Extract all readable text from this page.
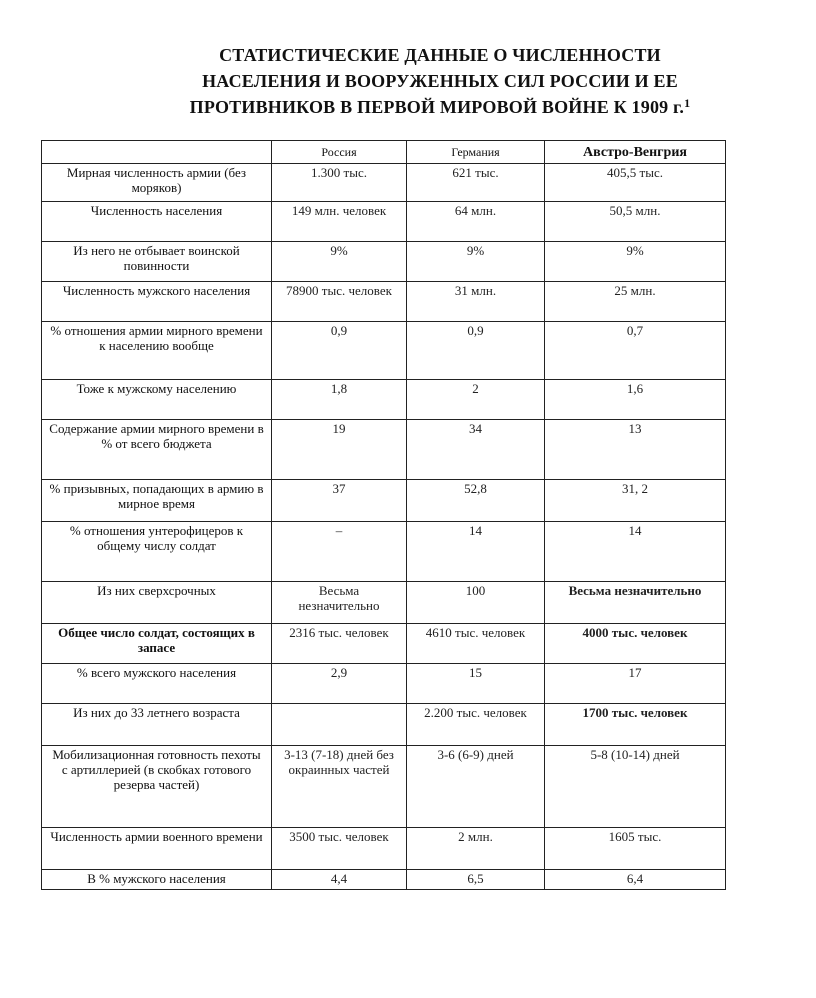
СТАТИСТИЧЕСКИЕ ДАННЫЕ О ЧИСЛЕННОСТИ
НАСЕЛЕНИЯ И ВООРУЖЕННЫХ СИЛ РОССИИ И ЕЕ
ПРОТИВНИКОВ В ПЕРВОЙ МИРОВОЙ ВОЙНЕ К 1909 г.$^1$
	Россия	Германия	Австро-Венгрия
Мирная численность армии (без моряков)	1.300 тыс.	621 тыс.	405,5 тыс.
Численность населения	149 млн. человек	64 млн.	50,5 млн.
Из него не отбывает воинской повинности	9%	9%	9%
Численность мужского населения	78900 тыс. человек	31 млн.	25 млн.
% отношения армии мирного времени к населению вообще	0,9	0,9	0,7
Тоже к мужскому населению	1,8	2	1,6
Содержание армии мирного времени в % от всего бюджета	19	34	13
% призывных, попадающих в армию в мирное время	37	52,8	31, 2
% отношения унтерофицеров к общему числу солдат	–	14	14
Из них сверхсрочных	Весьма незначительно	100	Весьма незначительно
Общее число солдат, состоящих в запасе	2316 тыс. человек	4610 тыс. человек	4000 тыс. человек
% всего мужского населения	2,9	15	17
Из них до 33 летнего возраста		2.200 тыс. человек	1700 тыс. человек
Мобилизационная готовность пехоты с артиллерией (в скобках готового резерва частей)	3-13 (7-18) дней без окраинных частей	3-6 (6-9) дней	5-8 (10-14) дней
Численность армии военного времени	3500 тыс. человек	2 млн.	1605 тыс.
В % мужского населения	4,4	6,5	6,4
